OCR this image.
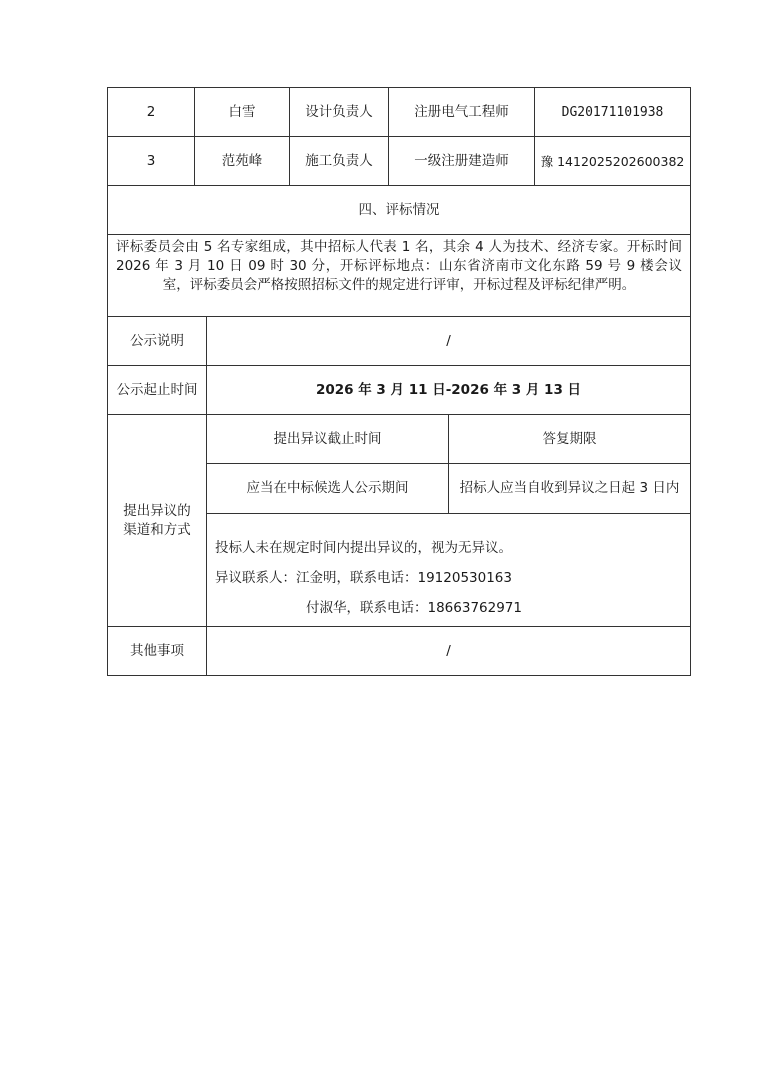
2	白雪	设计负责人	注册电气工程师	DG20171101938
3	范苑峰	施工负责人	一级注册建造师	豫 1412025202600382
四、评标情况
评标委员会由 5 名专家组成，其中招标人代表 1 名，其余 4 人为技术、经济专家。开标时间 2026 年 3 月 10 日 09 时 30 分，开标评标地点：山东省济南市文化东路 59 号 9 楼会议室，评标委员会严格按照招标文件的规定进行评审，开标过程及评标纪律严明。
公示说明	/
公示起止时间	2026 年 3 月 11 日-2026 年 3 月 13 日
提出异议的渠道和方式
提出异议截止时间	答复期限
应当在中标候选人公示期间	招标人应当自收到异议之日起 3 日内
投标人未在规定时间内提出异议的，视为无异议。
异议联系人：江金明，联系电话：19120530163
付淑华，联系电话：18663762971
其他事项	/
